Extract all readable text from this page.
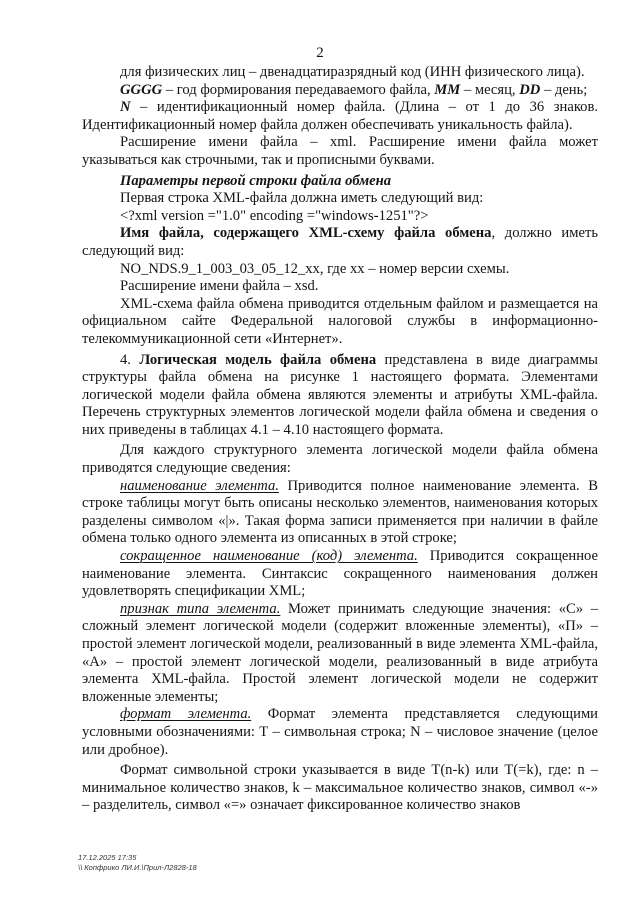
2

для физических лиц – двенадцатиразрядный код (ИНН физического лица).

GGGG – год формирования передаваемого файла, MM – месяц, DD – день;

N – идентификационный номер файла. (Длина – от 1 до 36 знаков. Идентификационный номер файла должен обеспечивать уникальность файла).

Расширение имени файла – xml. Расширение имени файла может указываться как строчными, так и прописными буквами.

Параметры первой строки файла обмена

Первая строка XML-файла должна иметь следующий вид:

<?xml version ="1.0" encoding ="windows-1251"?>

Имя файла, содержащего XML-схему файла обмена, должно иметь следующий вид:

NO_NDS.9_1_003_03_05_12_xx, где хх – номер версии схемы.

Расширение имени файла – xsd.

XML-схема файла обмена приводится отдельным файлом и размещается на официальном сайте Федеральной налоговой службы в информационно-телекоммуникационной сети «Интернет».

4. Логическая модель файла обмена представлена в виде диаграммы структуры файла обмена на рисунке 1 настоящего формата. Элементами логической модели файла обмена являются элементы и атрибуты XML-файла. Перечень структурных элементов логической модели файла обмена и сведения о них приведены в таблицах 4.1 – 4.10 настоящего формата.

Для каждого структурного элемента логической модели файла обмена приводятся следующие сведения:

наименование элемента. Приводится полное наименование элемента. В строке таблицы могут быть описаны несколько элементов, наименования которых разделены символом «|». Такая форма записи применяется при наличии в файле обмена только одного элемента из описанных в этой строке;

сокращенное наименование (код) элемента. Приводится сокращенное наименование элемента. Синтаксис сокращенного наименования должен удовлетворять спецификации XML;

признак типа элемента. Может принимать следующие значения: «С» – сложный элемент логической модели (содержит вложенные элементы), «П» – простой элемент логической модели, реализованный в виде элемента XML-файла, «А» – простой элемент логической модели, реализованный в виде атрибута элемента XML-файла. Простой элемент логической модели не содержит вложенные элементы;

формат элемента. Формат элемента представляется следующими условными обозначениями: Т – символьная строка; N – числовое значение (целое или дробное).

Формат символьной строки указывается в виде Т(n-k) или Т(=k), где: n – минимальное количество знаков, k – максимальное количество знаков, символ «-» – разделитель, символ «=» означает фиксированное количество знаков

17.12.2025 17:35
\\ Копфрико ЛИ.И.\Прил-Л2828-18
